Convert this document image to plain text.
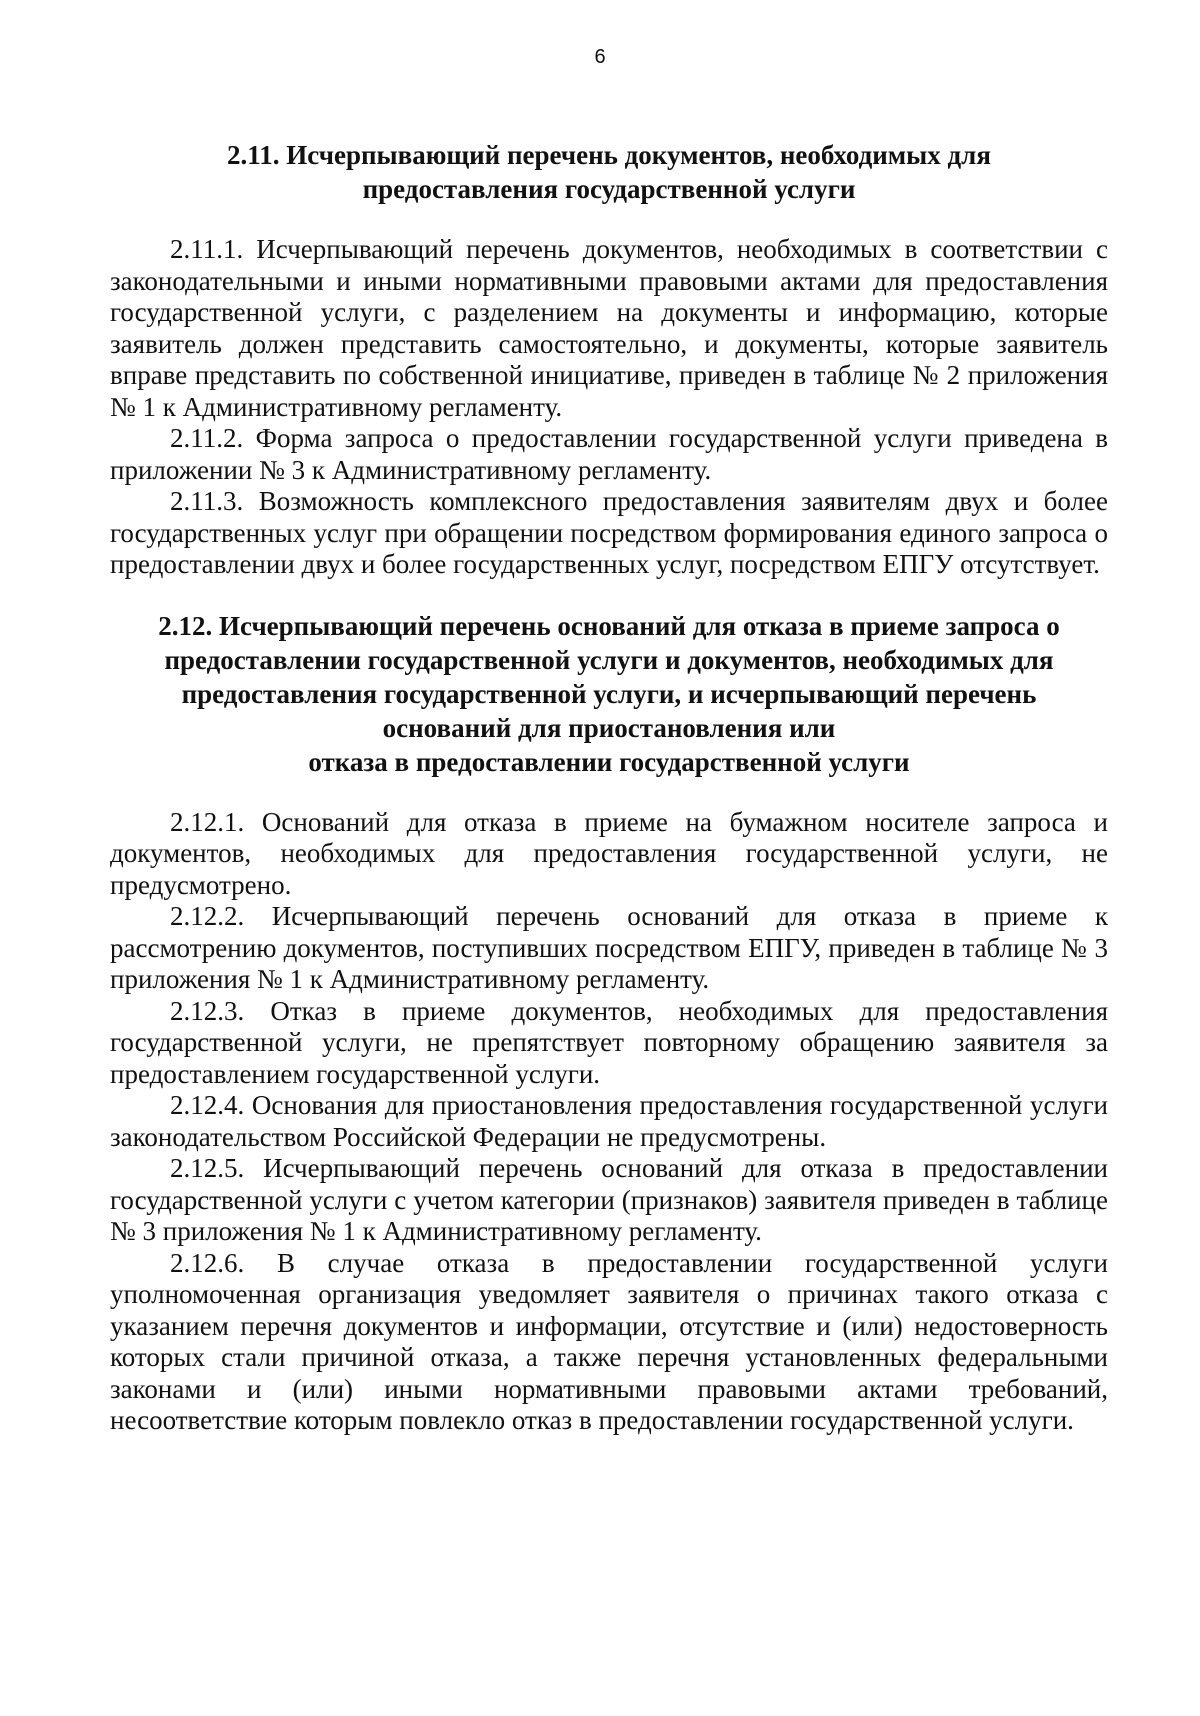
6
2.11. Исчерпывающий перечень документов, необходимых для
предоставления государственной услуги

2.11.1. Исчерпывающий перечень документов, необходимых в соответствии с законодательными и иными нормативными правовыми актами для предоставления государственной услуги, с разделением на документы и информацию, которые заявитель должен представить самостоятельно, и документы, которые заявитель вправе представить по собственной инициативе, приведен в таблице № 2 приложения № 1 к Административному регламенту.

2.11.2. Форма запроса о предоставлении государственной услуги приведена в приложении № 3 к Административному регламенту.

2.11.3. Возможность комплексного предоставления заявителям двух и более государственных услуг при обращении посредством формирования единого запроса о предоставлении двух и более государственных услуг, посредством ЕПГУ отсутствует.

2.12. Исчерпывающий перечень оснований для отказа в приеме запроса о
предоставлении государственной услуги и документов, необходимых для
предоставления государственной услуги, и исчерпывающий перечень
оснований для приостановления или
отказа в предоставлении государственной услуги

2.12.1. Оснований для отказа в приеме на бумажном носителе запроса и документов, необходимых для предоставления государственной услуги, не предусмотрено.

2.12.2. Исчерпывающий перечень оснований для отказа в приеме к рассмотрению документов, поступивших посредством ЕПГУ, приведен в таблице № 3 приложения № 1 к Административному регламенту.

2.12.3. Отказ в приеме документов, необходимых для предоставления государственной услуги, не препятствует повторному обращению заявителя за предоставлением государственной услуги.

2.12.4. Основания для приостановления предоставления государственной услуги законодательством Российской Федерации не предусмотрены.

2.12.5. Исчерпывающий перечень оснований для отказа в предоставлении государственной услуги с учетом категории (признаков) заявителя приведен в таблице № 3 приложения № 1 к Административному регламенту.

2.12.6. В случае отказа в предоставлении государственной услуги уполномоченная организация уведомляет заявителя о причинах такого отказа с указанием перечня документов и информации, отсутствие и (или) недостоверность которых стали причиной отказа, а также перечня установленных федеральными законами и (или) иными нормативными правовыми актами требований, несоответствие которым повлекло отказ в предоставлении государственной услуги.
